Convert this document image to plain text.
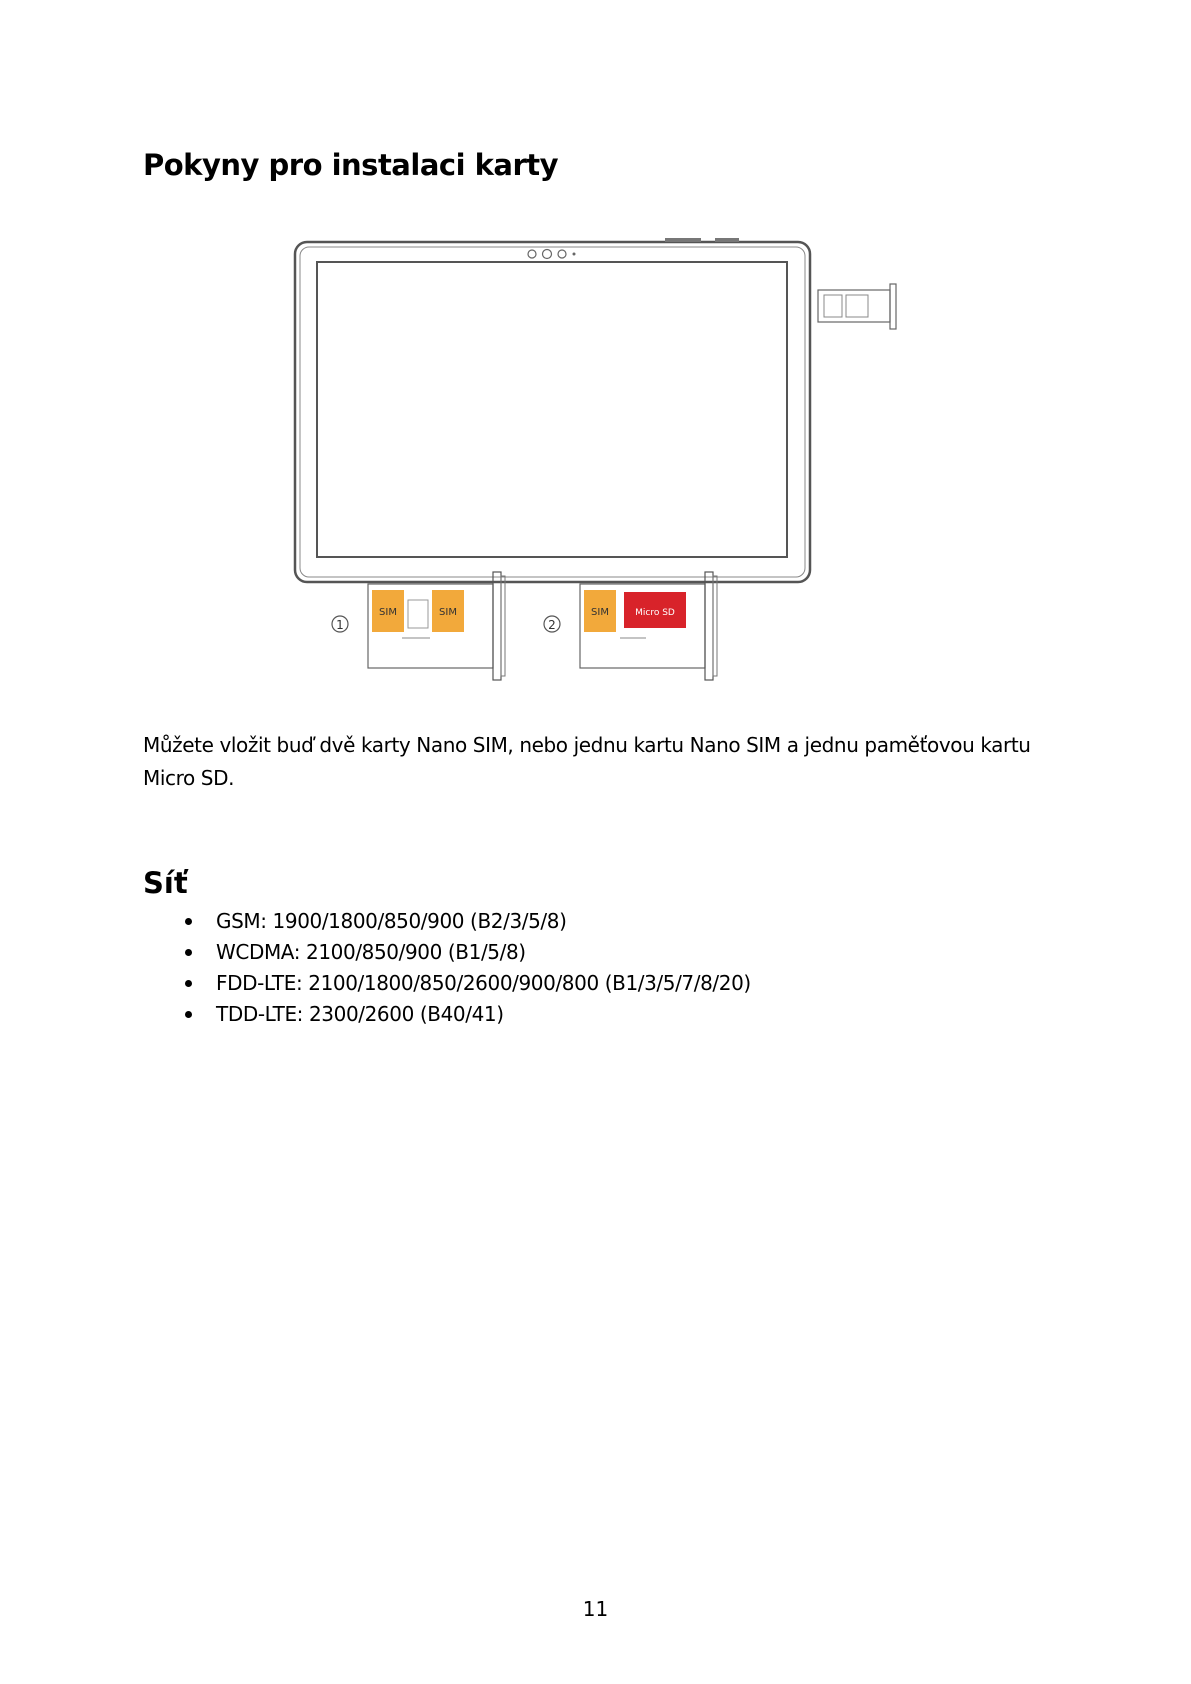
Pokyny pro instalaci karty
1
SIM	SIM
2
SIM	Micro SD

Můžete vložit buď dvě karty Nano SIM, nebo jednu kartu Nano SIM a jednu paměťovou kartu Micro SD.

Síť
GSM: 1900/1800/850/900 (B2/3/5/8)
WCDMA: 2100/850/900 (B1/5/8)
FDD-LTE: 2100/1800/850/2600/900/800 (B1/3/5/7/8/20)
TDD-LTE: 2300/2600 (B40/41)
11
